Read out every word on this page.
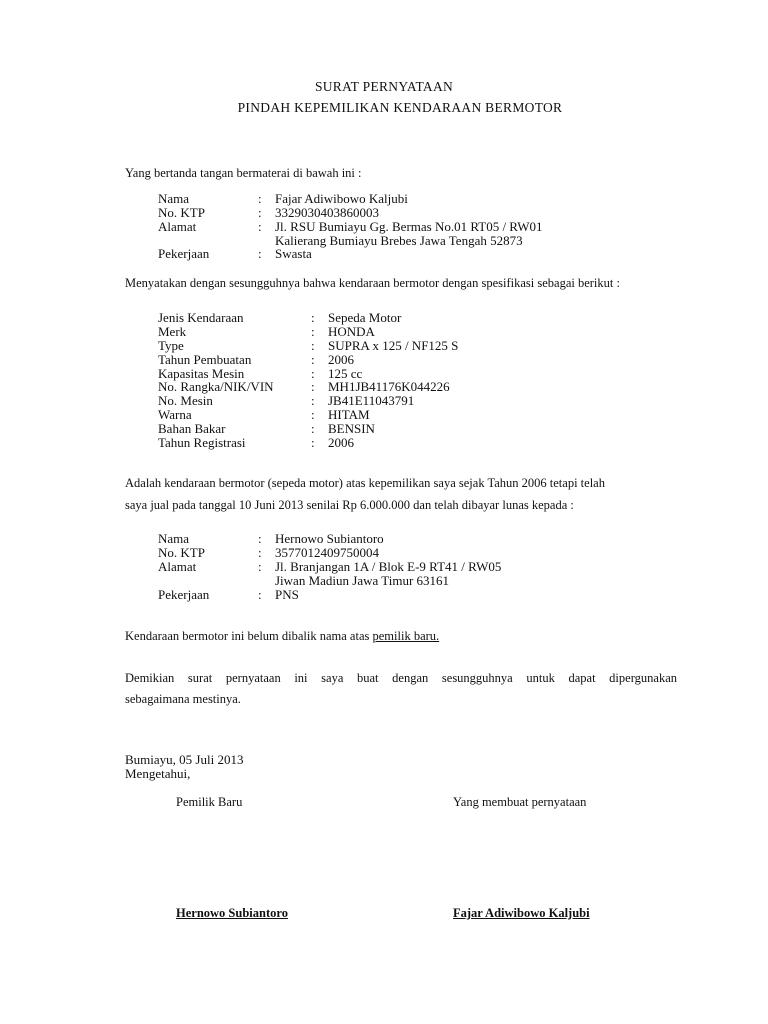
SURAT PERNYATAAN
PINDAH KEPEMILIKAN KENDARAAN BERMOTOR
Yang bertanda tangan bermaterai di bawah ini :
Nama	: Fajar Adiwibowo Kaljubi
No. KTP	: 3329030403860003
Alamat	: Jl. RSU Bumiayu Gg. Bermas No.01 RT05 / RW01
Kalierang Bumiayu Brebes Jawa Tengah 52873
Pekerjaan	: Swasta
Menyatakan dengan sesungguhnya bahwa kendaraan bermotor dengan spesifikasi sebagai berikut :
Jenis Kendaraan	: Sepeda Motor
Merk	: HONDA
Type	: SUPRA x 125 / NF125 S
Tahun Pembuatan	: 2006
Kapasitas Mesin	: 125 cc
No. Rangka/NIK/VIN	: MH1JB41176K044226
No. Mesin	: JB41E11043791
Warna	: HITAM
Bahan Bakar	: BENSIN
Tahun Registrasi	: 2006
Adalah kendaraan bermotor (sepeda motor) atas kepemilikan saya sejak Tahun 2006 tetapi telah
saya jual pada tanggal 10 Juni 2013 senilai Rp 6.000.000 dan telah dibayar lunas kepada :
Nama	: Hernowo Subiantoro
No. KTP	: 3577012409750004
Alamat	: Jl. Branjangan 1A / Blok E-9 RT41 / RW05
Jiwan Madiun Jawa Timur 63161
Pekerjaan	: PNS
Kendaraan bermotor ini belum dibalik nama atas pemilik baru.
Demikian surat pernyataan ini saya buat dengan sesungguhnya untuk dapat dipergunakan
sebagaimana mestinya.
Bumiayu, 05 Juli 2013
Mengetahui,
Pemilik Baru	Yang membuat pernyataan
Hernowo Subiantoro	Fajar Adiwibowo Kaljubi
